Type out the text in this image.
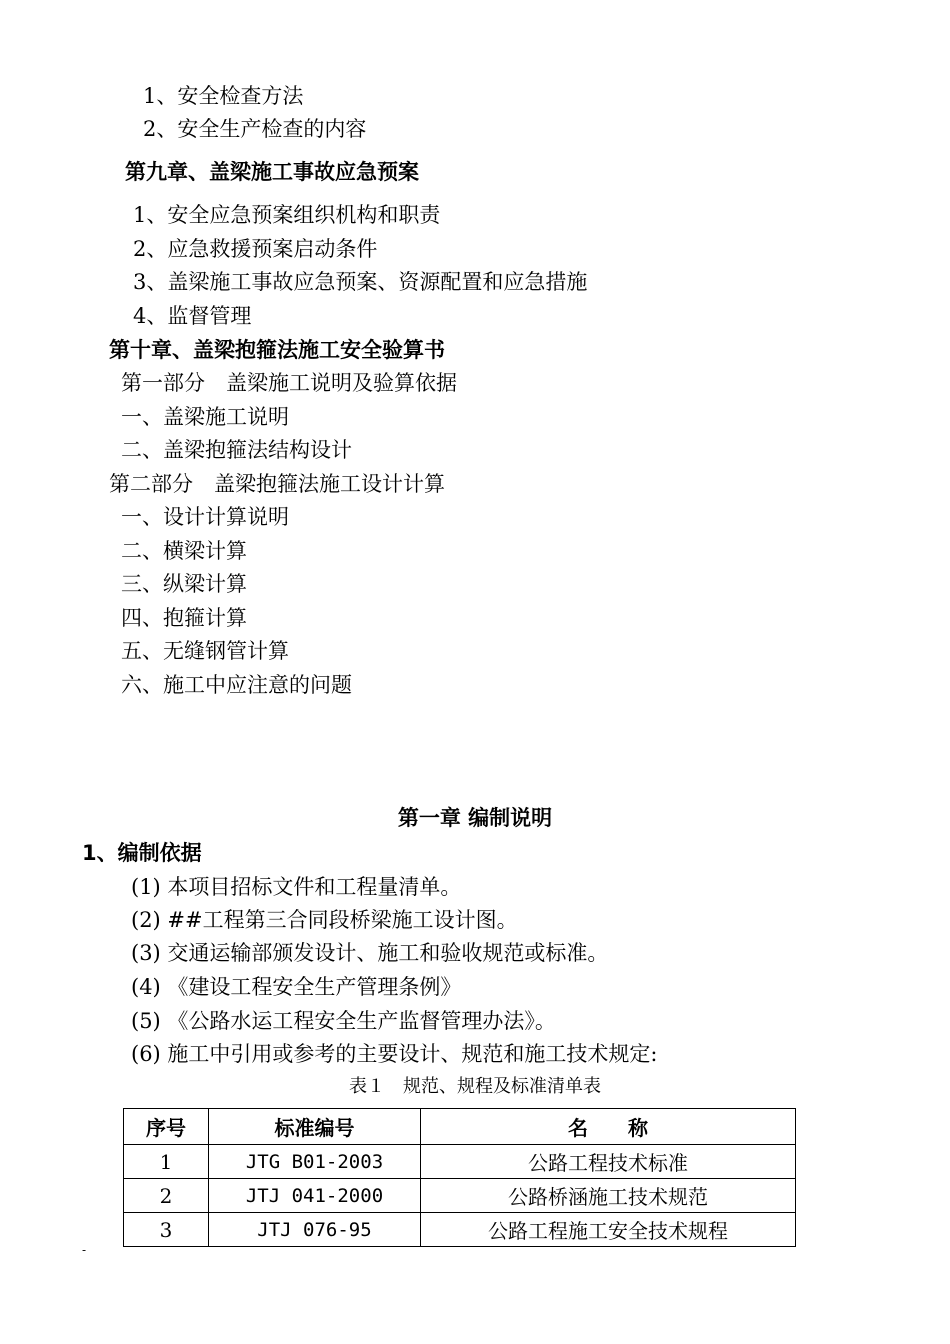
1、安全检查方法
2、安全生产检查的内容
第九章、盖梁施工事故应急预案
1、安全应急预案组织机构和职责
2、应急救援预案启动条件
3、盖梁施工事故应急预案、资源配置和应急措施
4、监督管理
第十章、盖梁抱箍法施工安全验算书
第一部分　盖梁施工说明及验算依据
一、盖梁施工说明
二、盖梁抱箍法结构设计
第二部分　盖梁抱箍法施工设计计算
一、设计计算说明
二、横梁计算
三、纵梁计算
四、抱箍计算
五、无缝钢管计算
六、施工中应注意的问题
第一章 编制说明
1、编制依据
(1) 本项目招标文件和工程量清单。
(2) ##工程第三合同段桥梁施工设计图。
(3) 交通运输部颁发设计、施工和验收规范或标准。
(4) 《建设工程安全生产管理条例》
(5) 《公路水运工程安全生产监督管理办法》。
(6) 施工中引用或参考的主要设计、规范和施工技术规定:
表１　规范、规程及标准清单表
序号	标准编号	名　　称
1	JTG B01-2003	公路工程技术标准
2	JTJ 041-2000	公路桥涵施工技术规范
3	JTJ 076-95	公路工程施工安全技术规程
-
